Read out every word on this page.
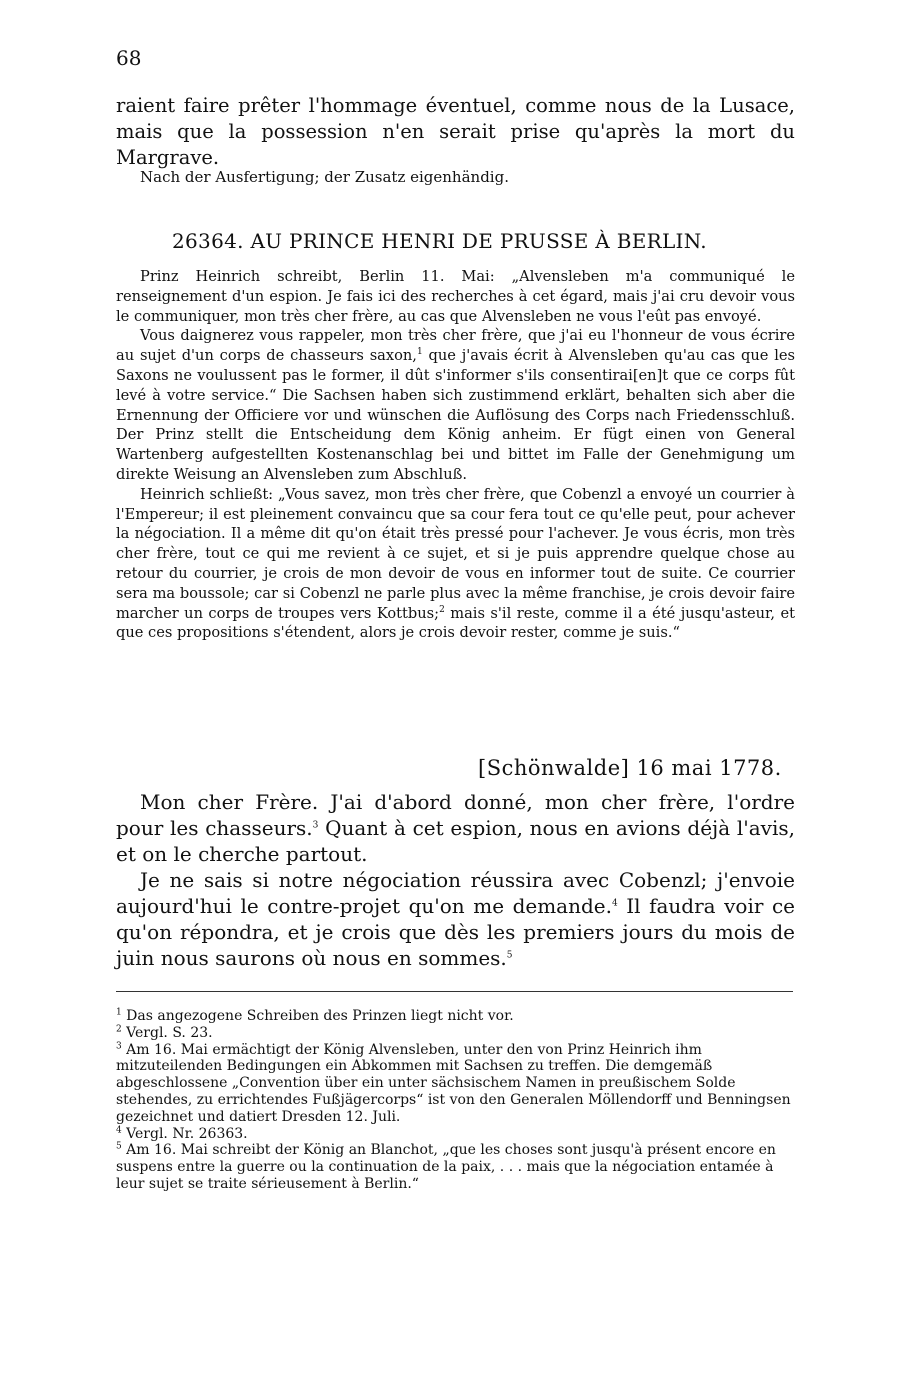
68

raient faire prêter l'hommage éventuel, comme nous de la Lusace, mais que la possession n'en serait prise qu'après la mort du Margrave.

Nach der Ausfertigung; der Zusatz eigenhändig.
26364. AU PRINCE HENRI DE PRUSSE À BERLIN.

Prinz Heinrich schreibt, Berlin 11. Mai: „Alvensleben m'a communiqué le renseignement d'un espion. Je fais ici des recherches à cet égard, mais j'ai cru devoir vous le communiquer, mon très cher frère, au cas que Alvensleben ne vous l'eût pas envoyé.

Vous daignerez vous rappeler, mon très cher frère, que j'ai eu l'honneur de vous écrire au sujet d'un corps de chasseurs saxon,$^1$ que j'avais écrit à Alvensleben qu'au cas que les Saxons ne voulussent pas le former, il dût s'informer s'ils consentirai[en]t que ce corps fût levé à votre service.“ Die Sachsen haben sich zustimmend erklärt, behalten sich aber die Ernennung der Officiere vor und wünschen die Auflösung des Corps nach Friedensschluß. Der Prinz stellt die Entscheidung dem König anheim. Er fügt einen von General Wartenberg aufgestellten Kostenanschlag bei und bittet im Falle der Genehmigung um direkte Weisung an Alvensleben zum Abschluß.

Heinrich schließt: „Vous savez, mon très cher frère, que Cobenzl a envoyé un courrier à l'Empereur; il est pleinement convaincu que sa cour fera tout ce qu'elle peut, pour achever la négociation. Il a même dit qu'on était très pressé pour l'achever. Je vous écris, mon très cher frère, tout ce qui me revient à ce sujet, et si je puis apprendre quelque chose au retour du courrier, je crois de mon devoir de vous en informer tout de suite. Ce courrier sera ma boussole; car si Cobenzl ne parle plus avec la même franchise, je crois devoir faire marcher un corps de troupes vers Kottbus;$^2$ mais s'il reste, comme il a été jusqu'asteur, et que ces propositions s'étendent, alors je crois devoir rester, comme je suis.“

[Schönwalde] 16 mai 1778.

Mon cher Frère. J'ai d'abord donné, mon cher frère, l'ordre pour les chasseurs.$^3$ Quant à cet espion, nous en avions déjà l'avis, et on le cherche partout.

Je ne sais si notre négociation réussira avec Cobenzl; j'envoie aujourd'hui le contre-projet qu'on me demande.$^4$ Il faudra voir ce qu'on répondra, et je crois que dès les premiers jours du mois de juin nous saurons où nous en sommes.$^5$

$^1$ Das angezogene Schreiben des Prinzen liegt nicht vor.

$^2$ Vergl. S. 23.

$^3$ Am 16. Mai ermächtigt der König Alvensleben, unter den von Prinz Heinrich ihm mitzuteilenden Bedingungen ein Abkommen mit Sachsen zu treffen. Die demgemäß abgeschlossene „Convention über ein unter sächsischem Namen in preußischem Solde stehendes, zu errichtendes Fußjägercorps“ ist von den Generalen Möllendorff und Benningsen gezeichnet und datiert Dresden 12. Juli.

$^4$ Vergl. Nr. 26363.

$^5$ Am 16. Mai schreibt der König an Blanchot, „que les choses sont jusqu'à présent encore en suspens entre la guerre ou la continuation de la paix, . . . mais que la négociation entamée à leur sujet se traite sérieusement à Berlin.“
